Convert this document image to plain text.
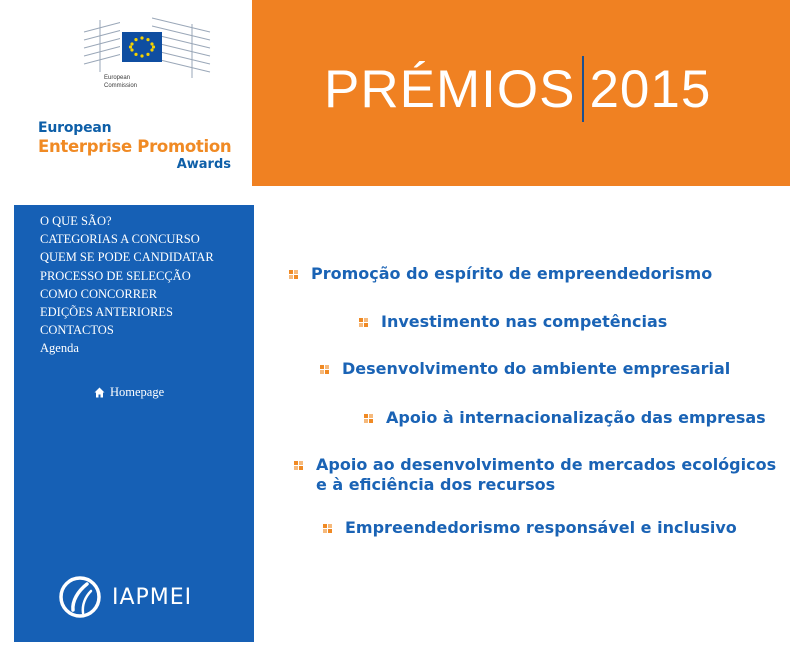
European
Commission
European
Enterprise Promotion
Awards
PRÉMIOS 2015
O QUE SÃO?
CATEGORIAS A CONCURSO
QUEM SE PODE CANDIDATAR
PROCESSO DE SELECÇÃO
COMO CONCORRER
EDIÇÕES ANTERIORES
CONTACTOS
Agenda
Homepage
IAPMEI
Promoção do espírito de empreendedorismo
Investimento nas competências
Desenvolvimento do ambiente empresarial
Apoio à internacionalização das empresas
Apoio ao desenvolvimento de mercados ecológicos
e à eficiência dos recursos
Empreendedorismo responsável e inclusivo
